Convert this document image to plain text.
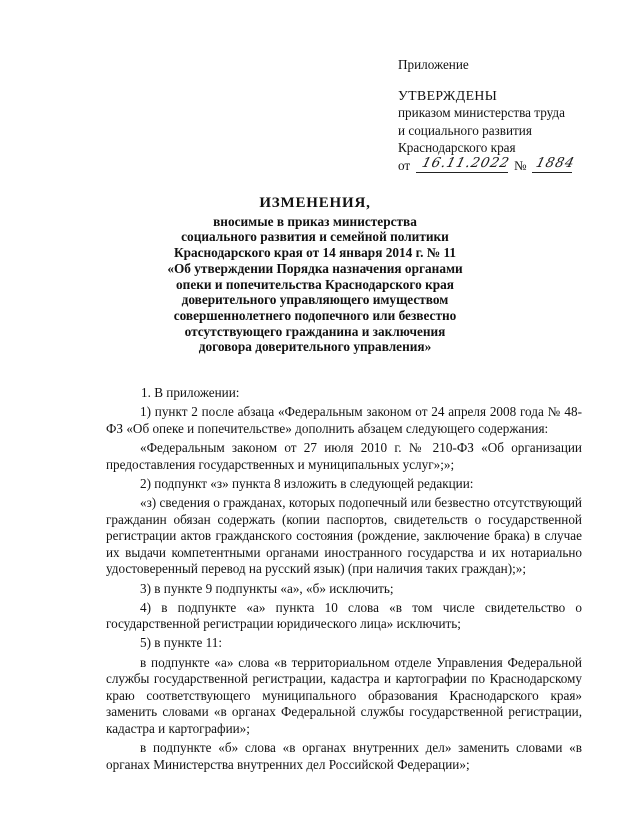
Приложение
УТВЕРЖДЕНЫ
приказом министерства труда
и социального развития
Краснодарского края
от 16.11.2022 № 1884
ИЗМЕНЕНИЯ,
вносимые в приказ министерства
социального развития и семейной политики
Краснодарского края от 14 января 2014 г. № 11
«Об утверждении Порядка назначения органами
опеки и попечительства Краснодарского края
доверительного управляющего имуществом
совершеннолетнего подопечного или безвестно
отсутствующего гражданина и заключения
договора доверительного управления»

1. В приложении:

1) пункт 2 после абзаца «Федеральным законом от 24 апреля 2008 года № 48-ФЗ «Об опеке и попечительстве» дополнить абзацем следующего содержания:

«Федеральным законом от 27 июля 2010 г. № 210-ФЗ «Об организации предоставления государственных и муниципальных услуг»;»;

2) подпункт «з» пункта 8 изложить в следующей редакции:

«з) сведения о гражданах, которых подопечный или безвестно отсутствующий гражданин обязан содержать (копии паспортов, свидетельств о государственной регистрации актов гражданского состояния (рождение, заключение брака) в случае их выдачи компетентными органами иностранного государства и их нотариально удостоверенный перевод на русский язык) (при наличия таких граждан);»;

3) в пункте 9 подпункты «а», «б» исключить;

4) в подпункте «а» пункта 10 слова «в том числе свидетельство о государственной регистрации юридического лица» исключить;

5) в пункте 11:

в подпункте «а» слова «в территориальном отделе Управления Федеральной службы государственной регистрации, кадастра и картографии по Краснодарскому краю соответствующего муниципального образования Краснодарского края» заменить словами «в органах Федеральной службы государственной регистрации, кадастра и картографии»;

в подпункте «б» слова «в органах внутренних дел» заменить словами «в органах Министерства внутренних дел Российской Федерации»;
